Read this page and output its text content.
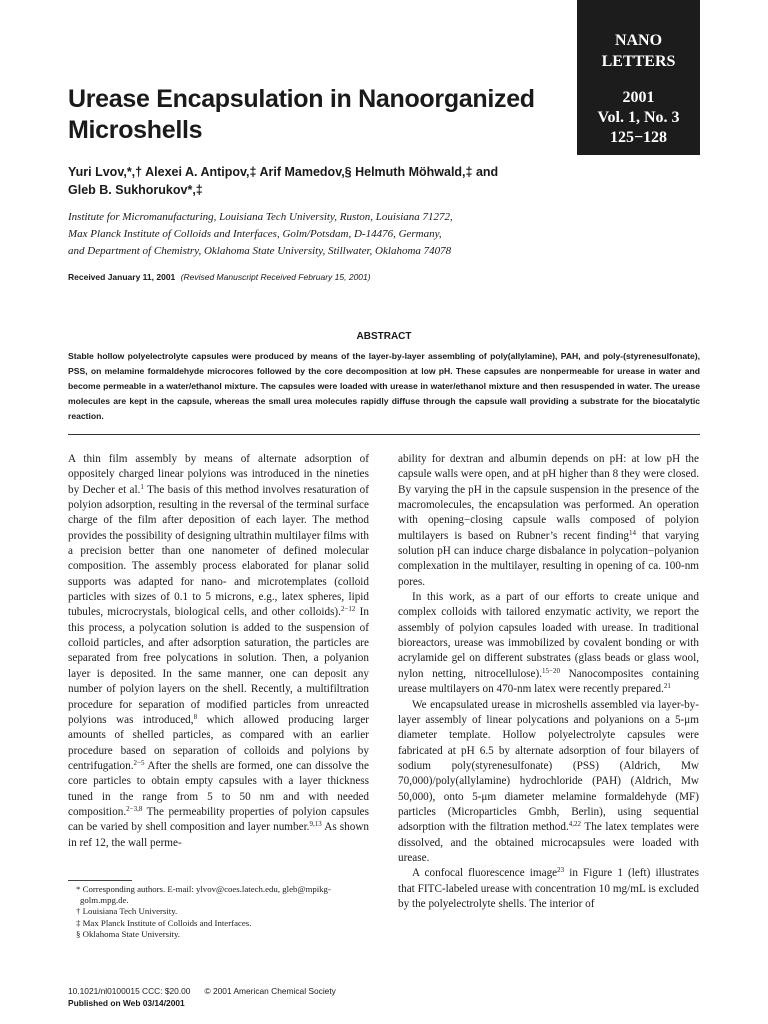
NANO
LETTERS
2001
Vol. 1, No. 3
125−128
Urease Encapsulation in Nanoorganized Microshells
Yuri Lvov,*,† Alexei A. Antipov,‡ Arif Mamedov,§ Helmuth Möhwald,‡ and
Gleb B. Sukhorukov*,‡
Institute for Micromanufacturing, Louisiana Tech University, Ruston, Louisiana 71272,
Max Planck Institute of Colloids and Interfaces, Golm/Potsdam, D-14476, Germany,
and Department of Chemistry, Oklahoma State University, Stillwater, Oklahoma 74078
Received January 11, 2001 (Revised Manuscript Received February 15, 2001)
ABSTRACT

Stable hollow polyelectrolyte capsules were produced by means of the layer-by-layer assembling of poly(allylamine), PAH, and poly-(styrenesulfonate), PSS, on melamine formaldehyde microcores followed by the core decomposition at low pH. These capsules are nonpermeable for urease in water and become permeable in a water/ethanol mixture. The capsules were loaded with urease in water/ethanol mixture and then resuspended in water. The urease molecules are kept in the capsule, whereas the small urea molecules rapidly diffuse through the capsule wall providing a substrate for the biocatalytic reaction.

A thin film assembly by means of alternate adsorption of oppositely charged linear polyions was introduced in the nineties by Decher et al.$^1$ The basis of this method involves resaturation of polyion adsorption, resulting in the reversal of the terminal surface charge of the film after deposition of each layer. The method provides the possibility of designing ultrathin multilayer films with a precision better than one nanometer of defined molecular composition. The assembly process elaborated for planar solid supports was adapted for nano- and microtemplates (colloid particles with sizes of 0.1 to 5 microns, e.g., latex spheres, lipid tubules, microcrystals, biological cells, and other colloids).$^{2-12}$ In this process, a polycation solution is added to the suspension of colloid particles, and after adsorption saturation, the particles are separated from free polycations in solution. Then, a polyanion layer is deposited. In the same manner, one can deposit any number of polyion layers on the shell. Recently, a multifiltration procedure for separation of modified particles from unreacted polyions was introduced,$^8$ which allowed producing larger amounts of shelled particles, as compared with an earlier procedure based on separation of colloids and polyions by centrifugation.$^{2-5}$ After the shells are formed, one can dissolve the core particles to obtain empty capsules with a layer thickness tuned in the range from 5 to 50 nm and with needed composition.$^{2-3,8}$ The permeability properties of polyion capsules can be varied by shell composition and layer number.$^{9,13}$ As shown in ref 12, the wall perme-

ability for dextran and albumin depends on pH: at low pH the capsule walls were open, and at pH higher than 8 they were closed. By varying the pH in the capsule suspension in the presence of the macromolecules, the encapsulation was performed. An operation with opening−closing capsule walls composed of polyion multilayers is based on Rubner’s recent finding$^{14}$ that varying solution pH can induce charge disbalance in polycation−polyanion complexation in the multilayer, resulting in opening of ca. 100-nm pores.

In this work, as a part of our efforts to create unique and complex colloids with tailored enzymatic activity, we report the assembly of polyion capsules loaded with urease. In traditional bioreactors, urease was immobilized by covalent bonding or with acrylamide gel on different substrates (glass beads or glass wool, nylon netting, nitrocellulose).$^{15-20}$ Nanocomposites containing urease multilayers on 470-nm latex were recently prepared.$^{21}$

We encapsulated urease in microshells assembled via layer-by-layer assembly of linear polycations and polyanions on a 5-μm diameter template. Hollow polyelectrolyte capsules were fabricated at pH 6.5 by alternate adsorption of four bilayers of sodium poly(styrenesulfonate) (PSS) (Aldrich, Mw 70,000)/poly(allylamine) hydrochloride (PAH) (Aldrich, Mw 50,000), onto 5-μm diameter melamine formaldehyde (MF) particles (Microparticles Gmbh, Berlin), using sequential adsorption with the filtration method.$^{4,22}$ The latex templates were dissolved, and the obtained microcapsules were loaded with urease.

A confocal fluorescence image$^{23}$ in Figure 1 (left) illustrates that FITC-labeled urease with concentration 10 mg/mL is excluded by the polyelectrolyte shells. The interior of

* Corresponding authors. E-mail: ylvov@coes.latech.edu, gleb@mpikg-golm.mpg.de.
† Louisiana Tech University.
‡ Max Planck Institute of Colloids and Interfaces.
§ Oklahoma State University.
10.1021/nl0100015 CCC: $20.00 © 2001 American Chemical Society
Published on Web 03/14/2001
